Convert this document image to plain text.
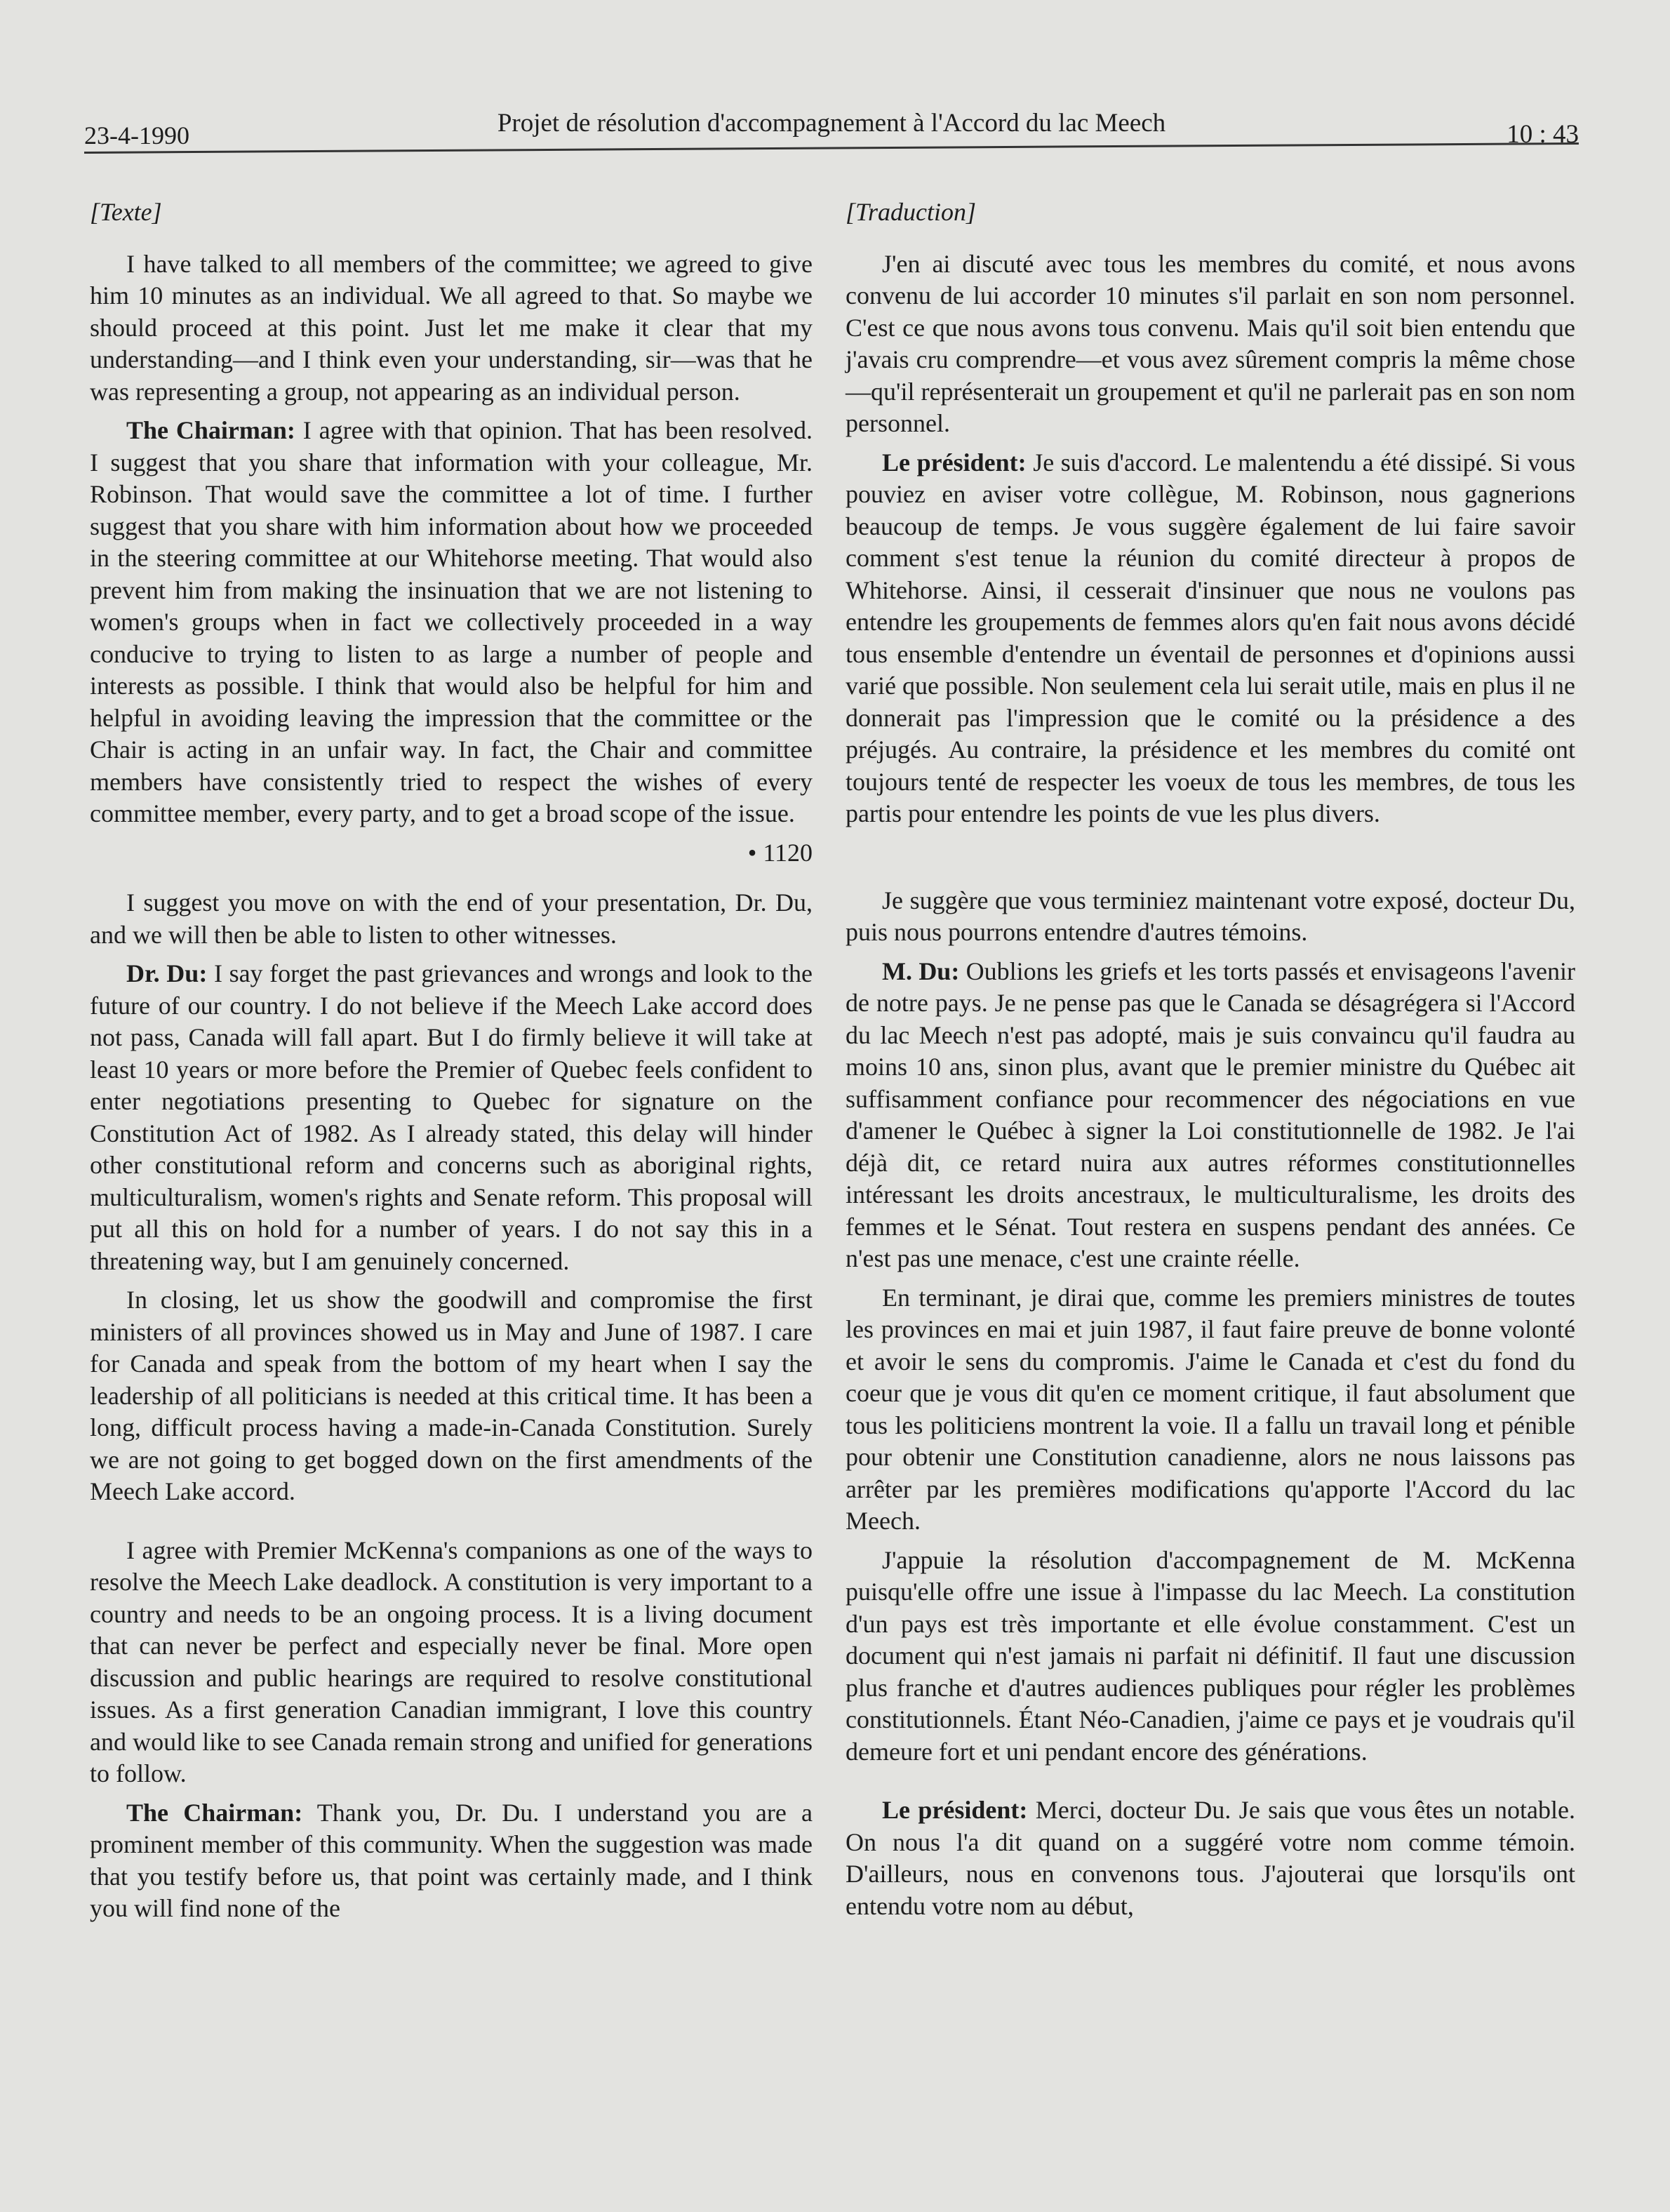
23-4-1990	Projet de résolution d'accompagnement à l'Accord du lac Meech	10 : 43
[Texte]

I have talked to all members of the committee; we agreed to give him 10 minutes as an individual. We all agreed to that. So maybe we should proceed at this point. Just let me make it clear that my understanding—and I think even your understanding, sir—was that he was representing a group, not appearing as an individual person.

The Chairman: I agree with that opinion. That has been resolved. I suggest that you share that information with your colleague, Mr. Robinson. That would save the committee a lot of time. I further suggest that you share with him information about how we proceeded in the steering committee at our Whitehorse meeting. That would also prevent him from making the insinuation that we are not listening to women's groups when in fact we collectively proceeded in a way conducive to trying to listen to as large a number of people and interests as possible. I think that would also be helpful for him and helpful in avoiding leaving the impression that the committee or the Chair is acting in an unfair way. In fact, the Chair and committee members have consistently tried to respect the wishes of every committee member, every party, and to get a broad scope of the issue.

• 1120

I suggest you move on with the end of your presentation, Dr. Du, and we will then be able to listen to other witnesses.

Dr. Du: I say forget the past grievances and wrongs and look to the future of our country. I do not believe if the Meech Lake accord does not pass, Canada will fall apart. But I do firmly believe it will take at least 10 years or more before the Premier of Quebec feels confident to enter negotiations presenting to Quebec for signature on the Constitution Act of 1982. As I already stated, this delay will hinder other constitutional reform and concerns such as aboriginal rights, multiculturalism, women's rights and Senate reform. This proposal will put all this on hold for a number of years. I do not say this in a threatening way, but I am genuinely concerned.

In closing, let us show the goodwill and compromise the first ministers of all provinces showed us in May and June of 1987. I care for Canada and speak from the bottom of my heart when I say the leadership of all politicians is needed at this critical time. It has been a long, difficult process having a made-in-Canada Constitution. Surely we are not going to get bogged down on the first amendments of the Meech Lake accord.

I agree with Premier McKenna's companions as one of the ways to resolve the Meech Lake deadlock. A constitution is very important to a country and needs to be an ongoing process. It is a living document that can never be perfect and especially never be final. More open discussion and public hearings are required to resolve constitutional issues. As a first generation Canadian immigrant, I love this country and would like to see Canada remain strong and unified for generations to follow.

The Chairman: Thank you, Dr. Du. I understand you are a prominent member of this community. When the suggestion was made that you testify before us, that point was certainly made, and I think you will find none of the

[Traduction]

J'en ai discuté avec tous les membres du comité, et nous avons convenu de lui accorder 10 minutes s'il parlait en son nom personnel. C'est ce que nous avons tous convenu. Mais qu'il soit bien entendu que j'avais cru comprendre—et vous avez sûrement compris la même chose—qu'il représenterait un groupement et qu'il ne parlerait pas en son nom personnel.

Le président: Je suis d'accord. Le malentendu a été dissipé. Si vous pouviez en aviser votre collègue, M. Robinson, nous gagnerions beaucoup de temps. Je vous suggère également de lui faire savoir comment s'est tenue la réunion du comité directeur à propos de Whitehorse. Ainsi, il cesserait d'insinuer que nous ne voulons pas entendre les groupements de femmes alors qu'en fait nous avons décidé tous ensemble d'entendre un éventail de personnes et d'opinions aussi varié que possible. Non seulement cela lui serait utile, mais en plus il ne donnerait pas l'impression que le comité ou la présidence a des préjugés. Au contraire, la présidence et les membres du comité ont toujours tenté de respecter les voeux de tous les membres, de tous les partis pour entendre les points de vue les plus divers.

Je suggère que vous terminiez maintenant votre exposé, docteur Du, puis nous pourrons entendre d'autres témoins.

M. Du: Oublions les griefs et les torts passés et envisageons l'avenir de notre pays. Je ne pense pas que le Canada se désagrégera si l'Accord du lac Meech n'est pas adopté, mais je suis convaincu qu'il faudra au moins 10 ans, sinon plus, avant que le premier ministre du Québec ait suffisamment confiance pour recommencer des négociations en vue d'amener le Québec à signer la Loi constitutionnelle de 1982. Je l'ai déjà dit, ce retard nuira aux autres réformes constitutionnelles intéressant les droits ancestraux, le multiculturalisme, les droits des femmes et le Sénat. Tout restera en suspens pendant des années. Ce n'est pas une menace, c'est une crainte réelle.

En terminant, je dirai que, comme les premiers ministres de toutes les provinces en mai et juin 1987, il faut faire preuve de bonne volonté et avoir le sens du compromis. J'aime le Canada et c'est du fond du coeur que je vous dit qu'en ce moment critique, il faut absolument que tous les politiciens montrent la voie. Il a fallu un travail long et pénible pour obtenir une Constitution canadienne, alors ne nous laissons pas arrêter par les premières modifications qu'apporte l'Accord du lac Meech.

J'appuie la résolution d'accompagnement de M. McKenna puisqu'elle offre une issue à l'impasse du lac Meech. La constitution d'un pays est très importante et elle évolue constamment. C'est un document qui n'est jamais ni parfait ni définitif. Il faut une discussion plus franche et d'autres audiences publiques pour régler les problèmes constitutionnels. Étant Néo-Canadien, j'aime ce pays et je voudrais qu'il demeure fort et uni pendant encore des générations.

Le président: Merci, docteur Du. Je sais que vous êtes un notable. On nous l'a dit quand on a suggéré votre nom comme témoin. D'ailleurs, nous en convenons tous. J'ajouterai que lorsqu'ils ont entendu votre nom au début,
